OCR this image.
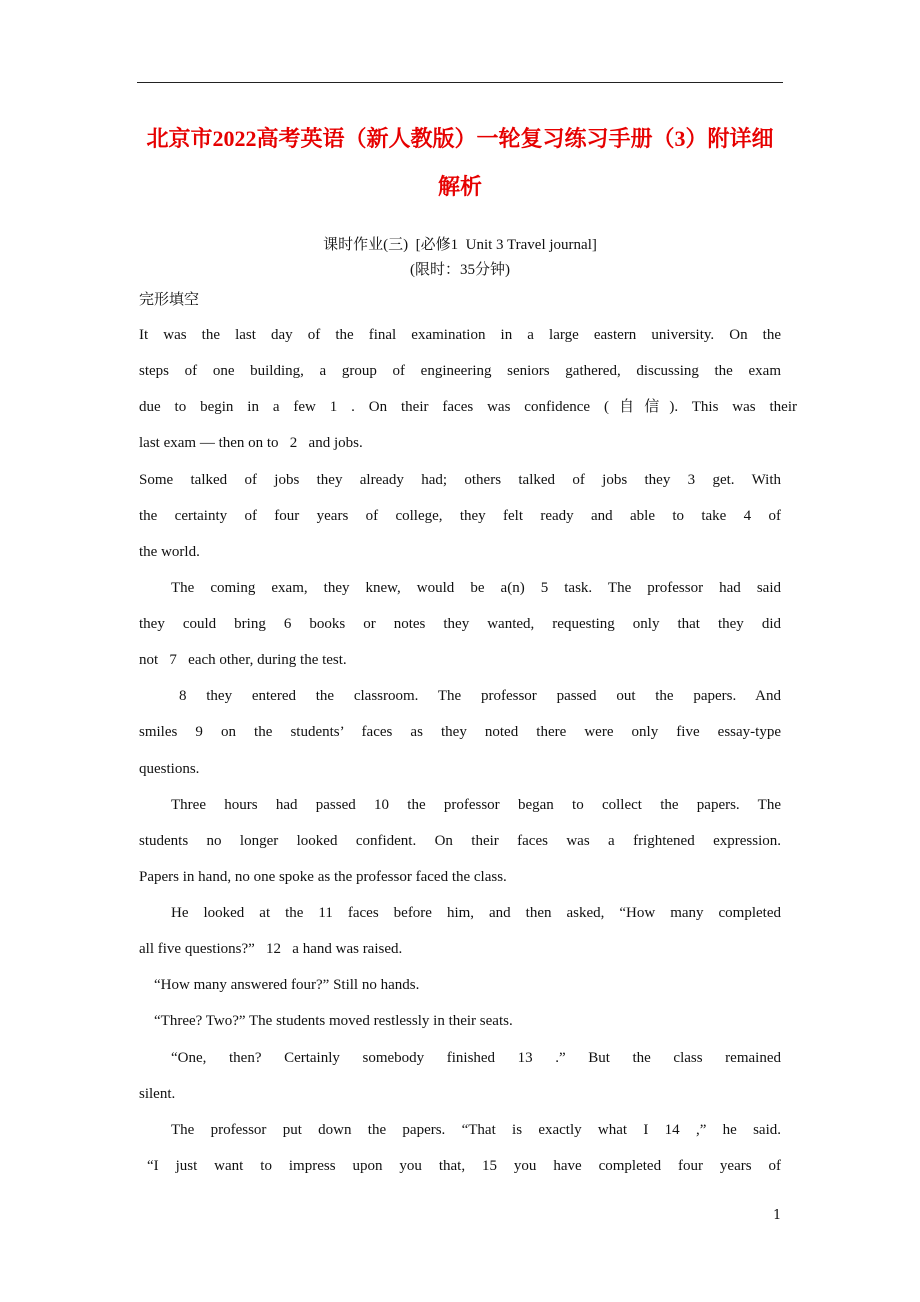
北京市2022高考英语（新人教版）一轮复习练习手册（3）附详细
解析
课时作业(三)  [必修1  Unit 3 Travel journal]
(限时：35分钟)
完形填空
It was the last day of the final examination in a large eastern university. On the
steps of one building, a group of engineering seniors gathered, discussing the exam
due to begin in a few 1 . On their faces was confidence (自信). This was their
last exam — then on to   2   and jobs.
Some talked of jobs they already had; others talked of jobs they 3 get. With
the certainty of four years of college, they felt ready and able to take 4 of
the world.
The coming exam, they knew, would be a(n) 5 task. The professor had said
they could bring 6 books or notes they wanted, requesting only that they did
not   7   each other, during the test.
8 they entered the classroom. The professor passed out the papers. And
smiles 9 on the students’ faces as they noted there were only five essay-type
questions.
Three hours had passed 10 the professor began to collect the papers. The
students no longer looked confident. On their faces was a frightened expression.
Papers in hand, no one spoke as the professor faced the class.
He looked at the 11 faces before him, and then asked, “How many completed
all five questions?”   12   a hand was raised.
“How many answered four?” Still no hands.
“Three? Two?” The students moved restlessly in their seats.
“One, then? Certainly somebody finished 13 .” But the class remained
silent.
The professor put down the papers. “That is exactly what I 14 ,” he said.
“I just want to impress upon you that, 15 you have completed four years of
1
